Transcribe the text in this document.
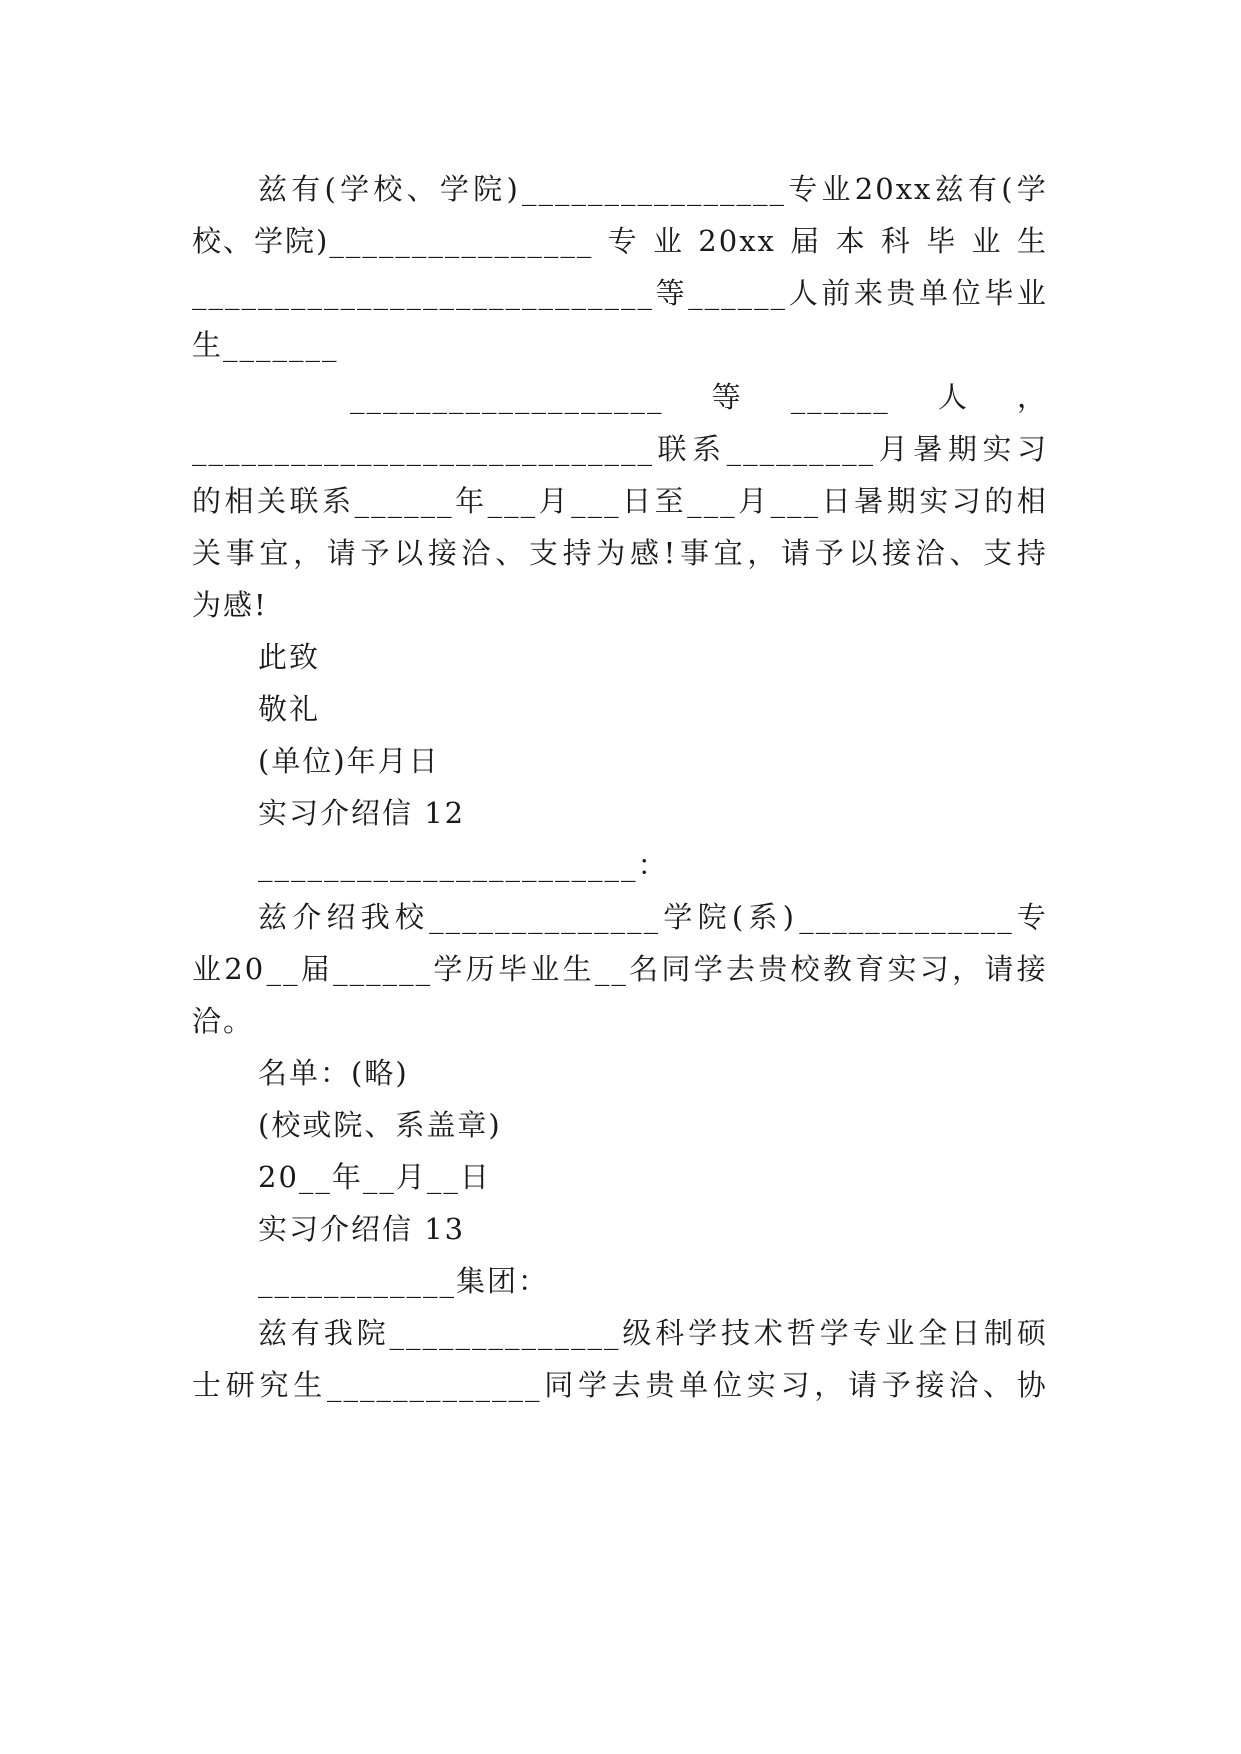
兹 有 ( 学 校 、 学 院 ) ________________ 专 业 20xx 兹 有 ( 学
校、学院)________________ 专 业 20xx 届 本 科 毕 业 生
____________________________ 等 ______ 人 前 来 贵 单 位 毕 业
生_______
___________________ 等 ______ 人 ，
____________________________ 联 系 _________ 月 暑 期 实 习
的 相 关 联 系 ______ 年 ___ 月 ___ 日 至 ___ 月 ___ 日 暑 期 实 习 的 相
关 事 宜 ， 请 予 以 接 洽 、 支 持 为 感 ! 事 宜 ， 请 予 以 接 洽 、 支 持
为感!
此致
敬礼
(单位)年月日
实习介绍信 12
_______________________：
兹 介 绍 我 校 ______________ 学 院 ( 系 ) _____________ 专
业 20 __ 届 ______ 学 历 毕 业 生 __ 名 同 学 去 贵 校 教 育 实 习 ， 请 接
洽。
名单：(略)
(校或院、系盖章)
20__年__月__日
实习介绍信 13
____________集团：
兹 有 我 院 ______________ 级 科 学 技 术 哲 学 专 业 全 日 制 硕
士 研 究 生 _____________ 同 学 去 贵 单 位 实 习 ， 请 予 接 洽 、 协
